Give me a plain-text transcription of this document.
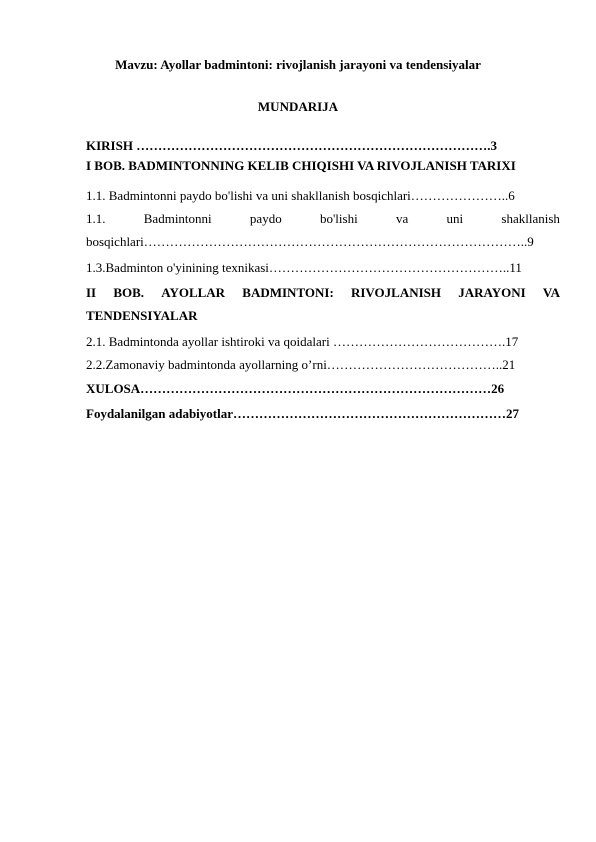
Mavzu: Ayollar badmintoni: rivojlanish jarayoni va tendensiyalar
MUNDARIJA
KIRISH ……………………………………………………………………….3
I BOB. BADMINTONNING KELIB CHIQISHI VA RIVOJLANISH TARIXI
1.1. Badmintonni paydo bo'lishi va uni shakllanish bosqichlari…………………..6
1.1.	Badmintonni	paydo	bo'lishi	va	uni	shakllanish
bosqichlari……………………………………………………………………………..9
1.3.Badminton o'yinining texnikasi………………………………………………..11
II BOB. AYOLLAR BADMINTONI: RIVOJLANISH JARAYONI VA
TENDENSIYALAR
2.1. Badmintonda ayollar ishtiroki va qoidalari ………………………………….17
2.2.Zamonaviy badmintonda ayollarning o’rni…………………………………..21
XULOSA………………………………………………………………………26
Foydalanilgan adabiyotlar………………………………………………………27
